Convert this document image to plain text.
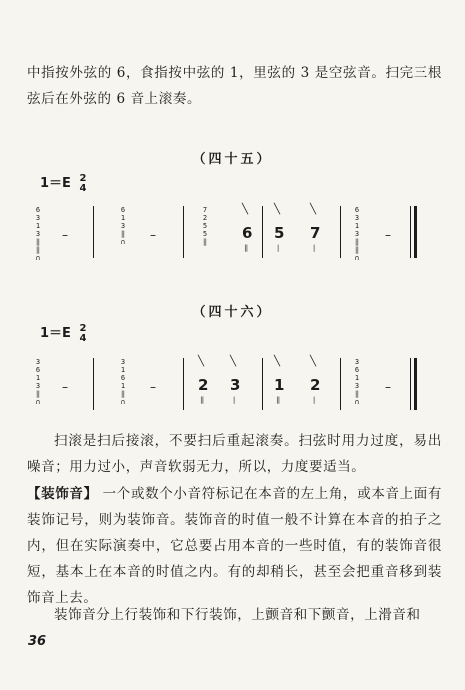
中指按外弦的 6，食指按中弦的 1，里弦的 3 是空弦音。扫完三根弦后在外弦的 6 音上滚奏。

（四十五）
1＝E 2
4
6
3
1
3
‖
‖
∩
–
6
1
3
‖
∩ –
7
2
5
5
‖
╲
6
‖
╲
5
|
╲
7
|
6
3
1
3
‖
‖
∩
–
（四十六）
1＝E 2
4
3
6
1
3
‖
∩
–
3
1
6
1
‖
∩
–
╲
2
‖
╲
3
|
╲
1
‖
╲
2
|
3
6
1
3
‖
∩
–

扫滚是扫后接滚，不要扫后重起滚奏。扫弦时用力过度，易出噪音；用力过小，声音软弱无力，所以，力度要适当。

【装饰音】 一个或数个小音符标记在本音的左上角，或本音上面有装饰记号，则为装饰音。装饰音的时值一般不计算在本音的拍子之内，但在实际演奏中，它总要占用本音的一些时值，有的装饰音很短，基本上在本音的时值之内。有的却稍长，甚至会把重音移到装饰音上去。

装饰音分上行装饰和下行装饰，上颤音和下颤音，上滑音和

36
